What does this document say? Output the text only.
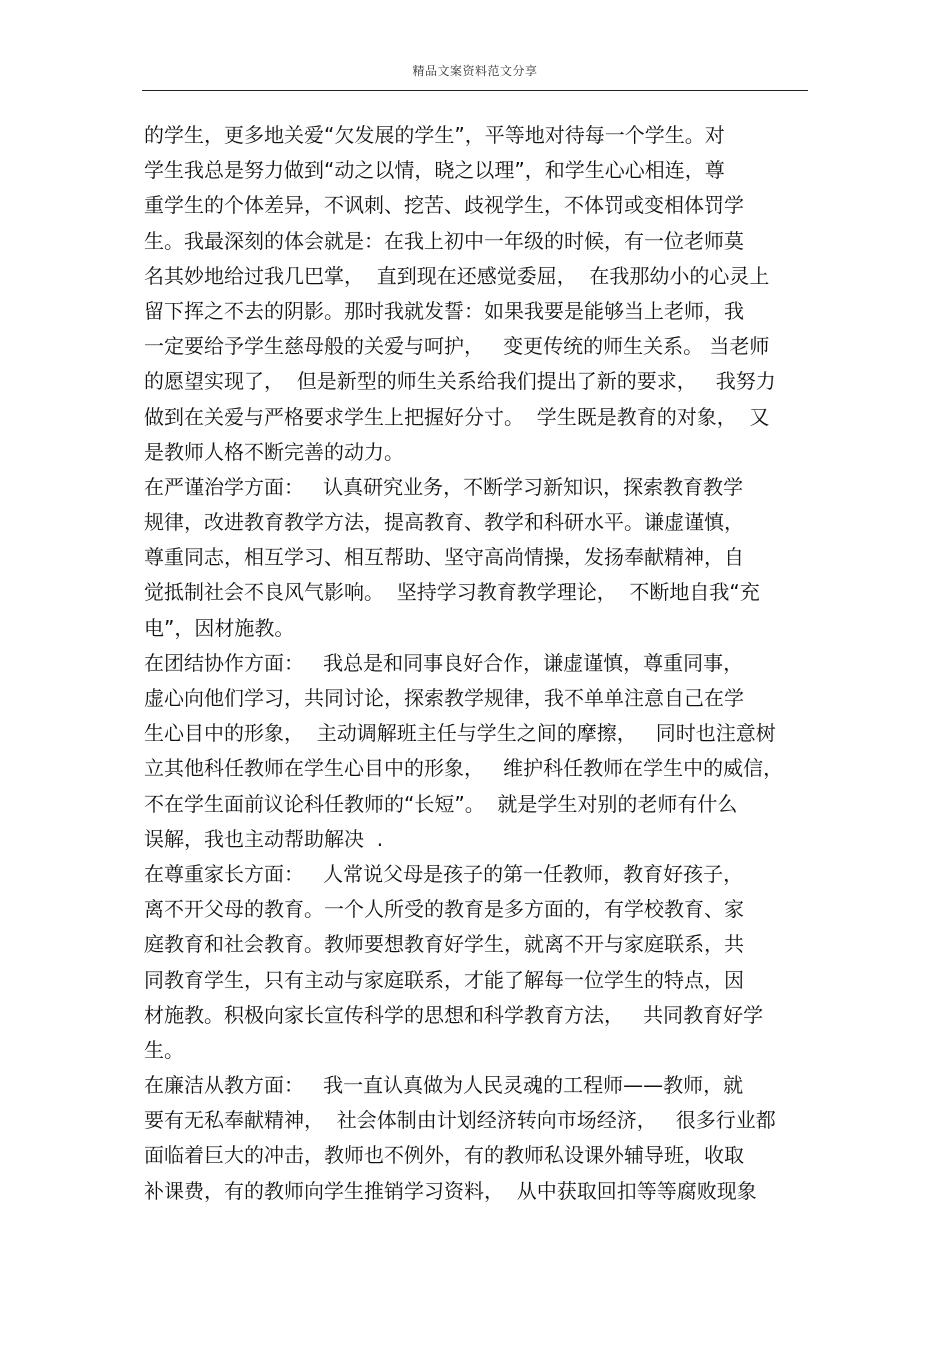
精品文案资料范文分享
的学生，更多地关爱“欠发展的学生”，平等地对待每一个学生。对
学生我总是努力做到“动之以情，晓之以理”，和学生心心相连，尊
重学生的个体差异，不讽刺、挖苦、歧视学生，不体罚或变相体罚学
生。我最深刻的体会就是：在我上初中一年级的时候，有一位老师莫
名其妙地给过我几巴掌，  直到现在还感觉委屈，  在我那幼小的心灵上
留下挥之不去的阴影。那时我就发誓：如果我要是能够当上老师，我
一定要给予学生慈母般的关爱与呵护，   变更传统的师生关系。 当老师
的愿望实现了，  但是新型的师生关系给我们提出了新的要求，   我努力
做到在关爱与严格要求学生上把握好分寸。  学生既是教育的对象，  又
是教师人格不断完善的动力。
在严谨治学方面：   认真研究业务，不断学习新知识，探索教育教学
规律，改进教育教学方法，提高教育、教学和科研水平。谦虚谨慎，
尊重同志，相互学习、相互帮助、坚守高尚情操，发扬奉献精神，自
觉抵制社会不良风气影响。  坚持学习教育教学理论，  不断地自我“充
电”，因材施教。
在团结协作方面：   我总是和同事良好合作，谦虚谨慎，尊重同事，
虚心向他们学习，共同讨论，探索教学规律，我不单单注意自己在学
生心目中的形象，  主动调解班主任与学生之间的摩擦，   同时也注意树
立其他科任教师在学生心目中的形象，   维护科任教师在学生中的威信，
不在学生面前议论科任教师的“长短”。  就是学生对别的老师有什么
误解，我也主动帮助解决  .
在尊重家长方面：   人常说父母是孩子的第一任教师，教育好孩子，
离不开父母的教育。一个人所受的教育是多方面的，有学校教育、家
庭教育和社会教育。教师要想教育好学生，就离不开与家庭联系，共
同教育学生，只有主动与家庭联系，才能了解每一位学生的特点，因
材施教。积极向家长宣传科学的思想和科学教育方法，   共同教育好学
生。
在廉洁从教方面：   我一直认真做为人民灵魂的工程师——教师，就
要有无私奉献精神，  社会体制由计划经济转向市场经济，   很多行业都
面临着巨大的冲击，教师也不例外，有的教师私设课外辅导班，收取
补课费，有的教师向学生推销学习资料，  从中获取回扣等等腐败现象
